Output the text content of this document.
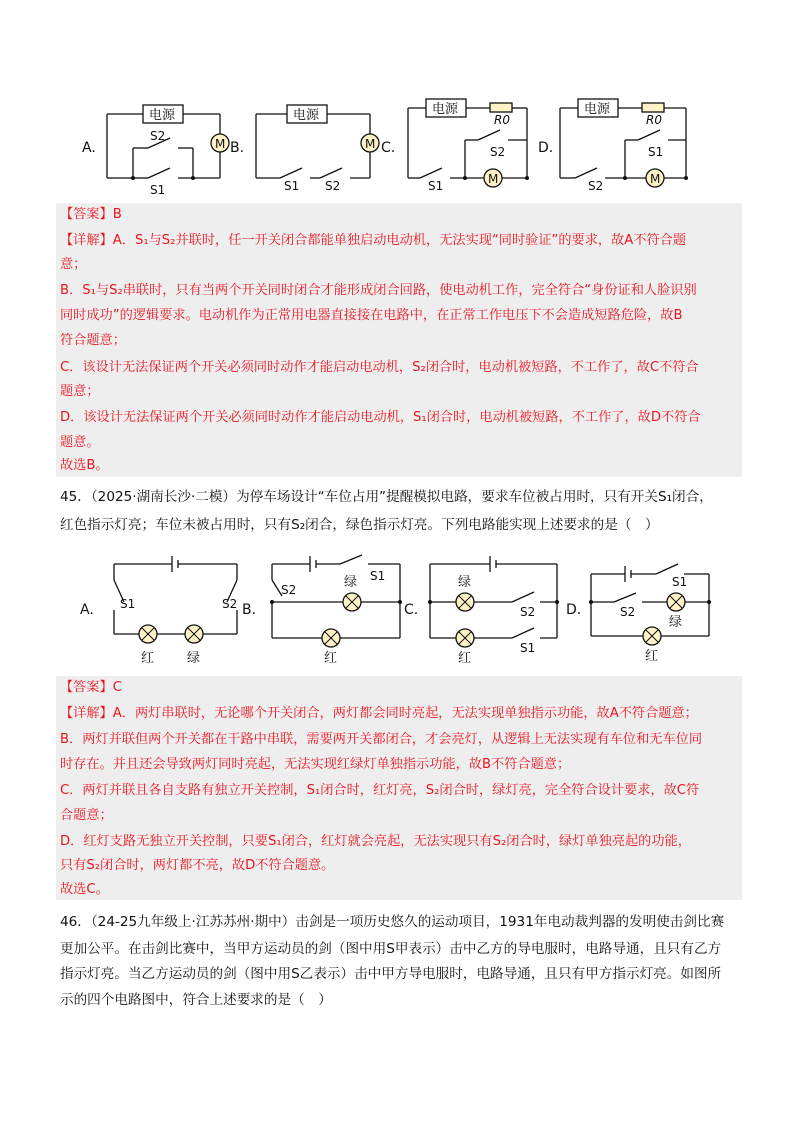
A.	B.	C.	D.
电源	电源	电源	电源
M	M
M	M
S2
S1	S1 S2
S2
S1
R0
S1
S2
R0
【答案】B
【详解】A．S₁与S₂并联时，任一开关闭合都能单独启动电动机，无法实现“同时验证”的要求，故A不符合题
意；
B．S₁与S₂串联时，只有当两个开关同时闭合才能形成闭合回路，使电动机工作，完全符合“身份证和人脸识别
同时成功”的逻辑要求。电动机作为正常用电器直接接在电路中，在正常工作电压下不会造成短路危险，故B
符合题意；
C．该设计无法保证两个开关必须同时动作才能启动电动机，S₂闭合时，电动机被短路，不工作了，故C不符合
题意；
D．该设计无法保证两个开关必须同时动作才能启动电动机，S₁闭合时，电动机被短路，不工作了，故D不符合
题意。
故选B。
45．（2025·湖南长沙·二模）为停车场设计“车位占用”提醒模拟电路，要求车位被占用时，只有开关S₁闭合，
红色指示灯亮；车位未被占用时，只有S₂闭合，绿色指示灯亮。下列电路能实现上述要求的是（　）
A.	B.	C.	D.
S1	S2
红	绿
S2
S1
绿
红
绿
红
S2
S1
S1
S2
绿
红
【答案】C
【详解】A．两灯串联时，无论哪个开关闭合，两灯都会同时亮起，无法实现单独指示功能，故A不符合题意；
B．两灯并联但两个开关都在干路中串联，需要两开关都闭合，才会亮灯，从逻辑上无法实现有车位和无车位同
时存在。并且还会导致两灯同时亮起，无法实现红绿灯单独指示功能，故B不符合题意；
C．两灯并联且各自支路有独立开关控制，S₁闭合时，红灯亮，S₂闭合时，绿灯亮，完全符合设计要求，故C符
合题意；
D．红灯支路无独立开关控制，只要S₁闭合，红灯就会亮起，无法实现只有S₂闭合时，绿灯单独亮起的功能，
只有S₂闭合时，两灯都不亮，故D不符合题意。
故选C。
46．（24-25九年级上·江苏苏州·期中）击剑是一项历史悠久的运动项目，1931年电动裁判器的发明使击剑比赛
更加公平。在击剑比赛中，当甲方运动员的剑（图中用S甲表示）击中乙方的导电服时，电路导通，且只有乙方
指示灯亮。当乙方运动员的剑（图中用S乙表示）击中甲方导电服时，电路导通，且只有甲方指示灯亮。如图所
示的四个电路图中，符合上述要求的是（　）
